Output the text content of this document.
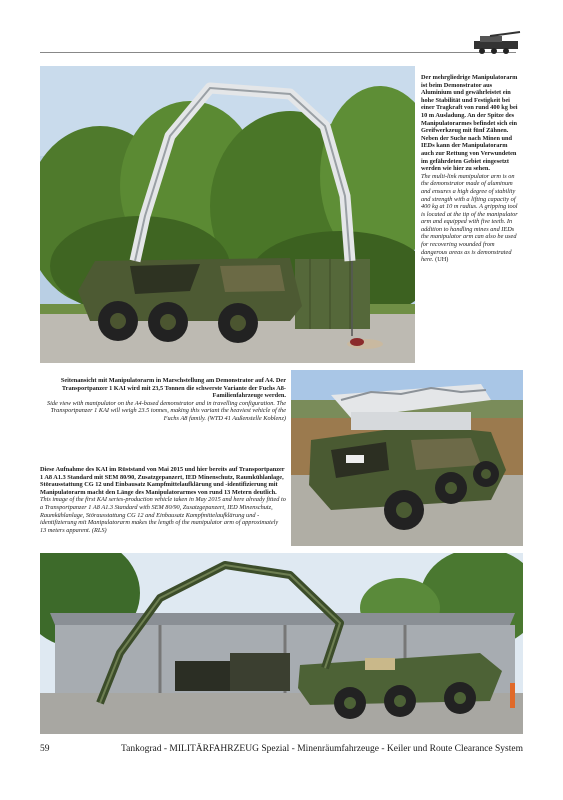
Der mehrgliedrige Manipulatorarm ist beim Demonstrator aus Aluminium und gewährleistet ein hohe Stabilität und Festigkeit bei einer Tragkraft von rund 400 kg bei 10 m Ausladung. An der Spitze des Manipulatorarmes befindet sich ein Greifwerkzeug mit fünf Zähnen. Neben der Suche nach Minen und IEDs kann der Manipulatorarm auch zur Rettung von Verwundeten im gefährdeten Gebiet eingesetzt werden wie hier zu sehen.

The multi-link manipulator arm is on the demonstrator made of aluminum and ensures a high degree of stability and strength with a lifting capacity of 400 kg at 10 m radius. A gripping tool is located at the tip of the manipulator arm and equipped with five teeth. In addition to handling mines and IEDs the manipulator arm can also be used for recovering wounded from dangerous areas as is demonstrated here. (UH)

Seitenansicht mit Manipulatorarm in Marschstellung am Demonstrator auf A4. Der Transportpanzer 1 KAI wird mit 23,5 Tonnen die schwerste Variante der Fuchs A8-Familienfahrzeuge werden.

Side view with manipulator on the A4-based demonstrator and in travelling configuration. The Transportpanzer 1 KAI will weigh 23.5 tonnes, making this variant the heaviest vehicle of the Fuchs A8 family. (WTD 41 Außenstelle Koblenz)

Diese Aufnahme des KAI im Rüststand von Mai 2015 und hier bereits auf Transportpanzer 1 A8 A1.3 Standard mit SEM 80/90, Zusatzgepanzert, IED Minenschutz, Raumkühlanlage, Störausstattung CG 12 und Einbausatz Kampfmittelaufklärung und -identifizierung mit Manipulatorarm macht den Länge des Manipulatorarmes von rund 13 Metern deutlich.

This image of the first KAI series-production vehicle taken in May 2015 and here already fitted to a Transportpanzer 1 A8 A1.3 Standard with SEM 80/90, Zusatzgepanzert, IED Minenschutz, Raumkühlanlage, Störausstattung CG 12 and Einbausatz Kampfmittelaufklärung und -identifizierung mit Manipulatorarm makes the length of the manipulator arm of approximately 13 meters apparent. (RLS)

59	Tankograd - MILITÄRFAHRZEUG Spezial - Minenräumfahrzeuge - Keiler und Route Clearance System
